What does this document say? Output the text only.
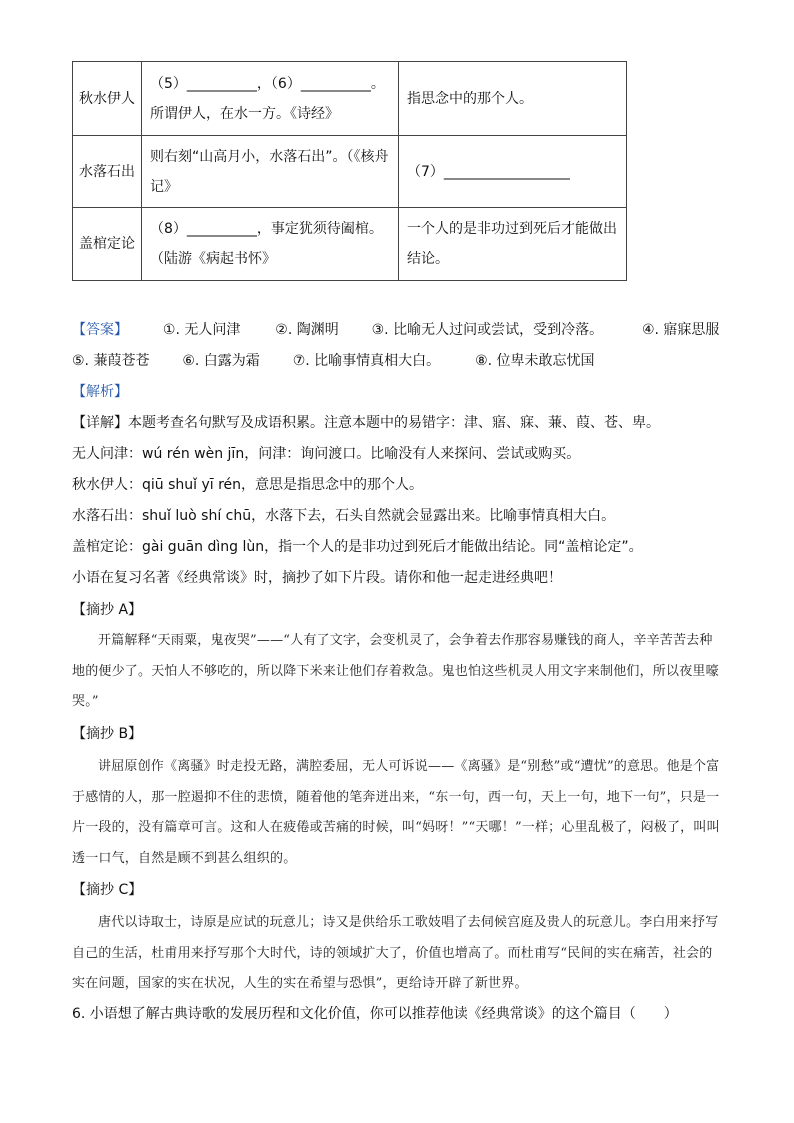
秋水伊人	（5）__________，（6）__________。所谓伊人，在水一方。《诗经》	指思念中的那个人。
水落石出	则右刻“山高月小，水落石出”。（《核舟记》	（7）__________________
盖棺定论	（8）__________，事定犹须待阖棺。（陆游《病起书怀》	一个人的是非功过到死后才能做出结论。
【答案】 ①. 无人问津 ②. 陶渊明 ③. 比喻无人过问或尝试，受到冷落。	④. 寤寐思服
⑤. 蒹葭苍苍 ⑥. 白露为霜 ⑦. 比喻事情真相大白。 ⑧. 位卑未敢忘忧国
【解析】
【详解】本题考查名句默写及成语积累。注意本题中的易错字：津、寤、寐、蒹、葭、苍、卑。
无人问津：wú rén wèn jīn，问津：询问渡口。比喻没有人来探问、尝试或购买。
秋水伊人：qiū shuǐ yī rén，意思是指思念中的那个人。
水落石出：shuǐ luò shí chū，水落下去，石头自然就会显露出来。比喻事情真相大白。
盖棺定论：gài guān dìng lùn，指一个人的是非功过到死后才能做出结论。同“盖棺论定”。
小语在复习名著《经典常谈》时，摘抄了如下片段。请你和他一起走进经典吧！
【摘抄 A】
开篇解释“天雨粟，鬼夜哭”——“人有了文字，会变机灵了，会争着去作那容易赚钱的商人，辛辛苦苦去种地的便少了。天怕人不够吃的，所以降下米来让他们存着救急。鬼也怕这些机灵人用文字来制他们，所以夜里嚎哭。”
【摘抄 B】
讲屈原创作《离骚》时走投无路，满腔委屈，无人可诉说——《离骚》是“别愁”或“遭忧”的意思。他是个富于感情的人，那一腔遏抑不住的悲愤，随着他的笔奔迸出来，“东一句，西一句，天上一句，地下一句”，只是一片一段的，没有篇章可言。这和人在疲倦或苦痛的时候，叫“妈呀！”“天哪！”一样；心里乱极了，闷极了，叫叫透一口气，自然是顾不到甚么组织的。
【摘抄 C】
唐代以诗取士，诗原是应试的玩意儿；诗又是供给乐工歌妓唱了去伺候宫庭及贵人的玩意儿。李白用来抒写自己的生活，杜甫用来抒写那个大时代，诗的领域扩大了，价值也增高了。而杜甫写“民间的实在痛苦，社会的实在问题，国家的实在状况，人生的实在希望与恐惧”，更给诗开辟了新世界。
6. 小语想了解古典诗歌的发展历程和文化价值，你可以推荐他读《经典常谈》的这个篇目（　　）
